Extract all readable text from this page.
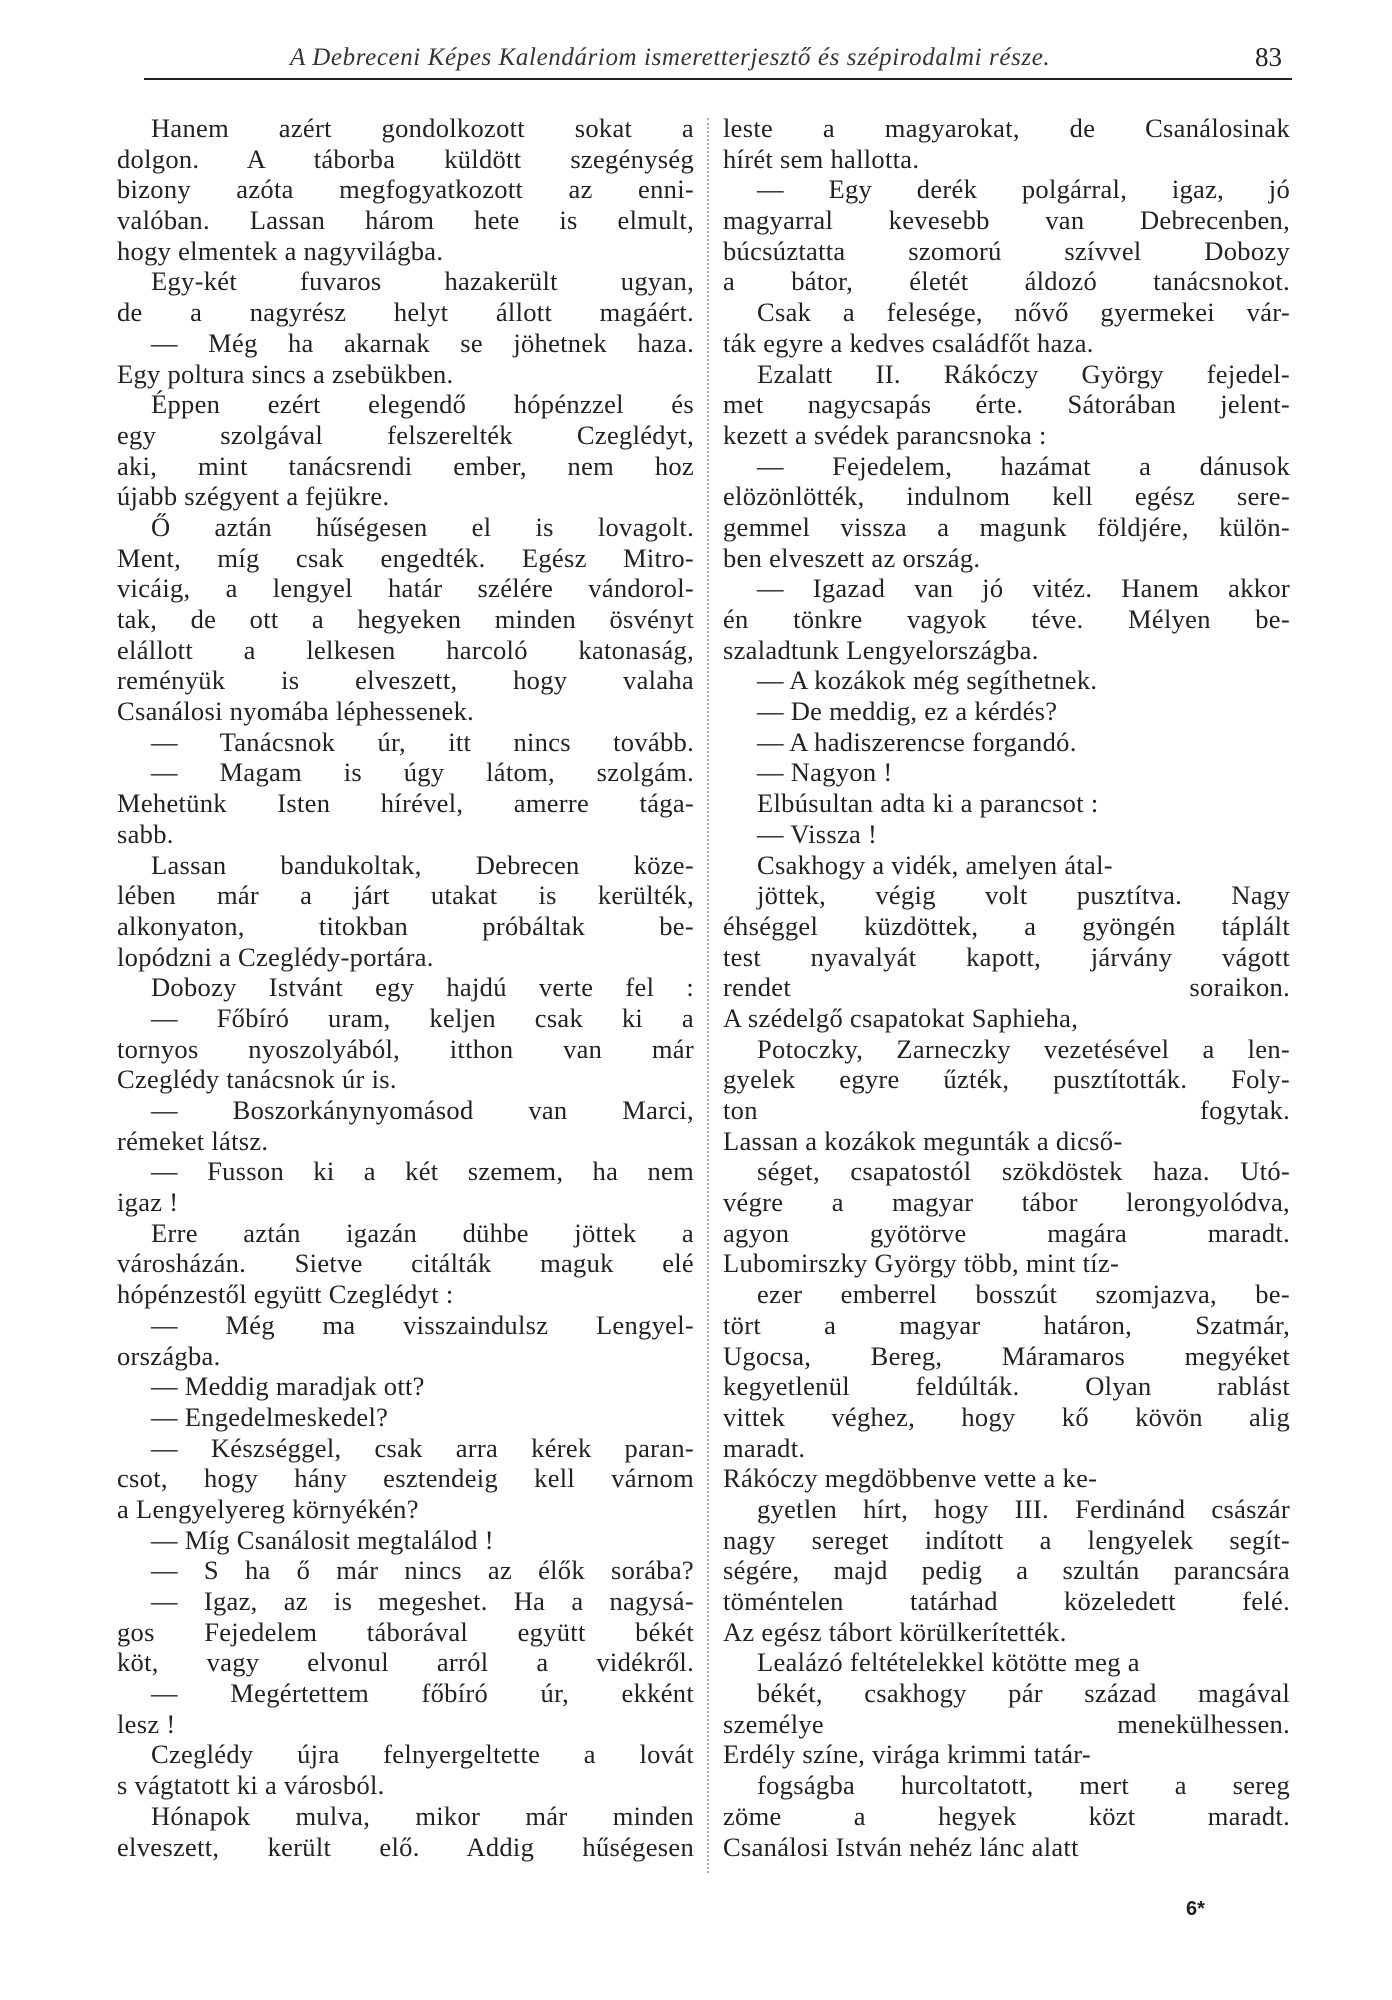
A Debreceni Képes Kalendáriom ismeretterjesztő és szépirodalmi része.	83
Hanem azért gondolkozott sokat a
dolgon. A táborba küldött szegénység
bizony azóta megfogyatkozott az enni-
valóban. Lassan három hete is elmult,
hogy elmentek a nagyvilágba.
Egy-két fuvaros hazakerült ugyan,
de a nagyrész helyt állott magáért.
— Még ha akarnak se jöhetnek haza.
Egy poltura sincs a zsebükben.
Éppen ezért elegendő hópénzzel és
egy szolgával felszerelték Czeglédyt,
aki, mint tanácsrendi ember, nem hoz
újabb szégyent a fejükre.
Ő aztán hűségesen el is lovagolt.
Ment, míg csak engedték. Egész Mitro-
vicáig, a lengyel határ szélére vándorol-
tak, de ott a hegyeken minden ösvényt
elállott a lelkesen harcoló katonaság,
reményük is elveszett, hogy valaha
Csanálosi nyomába léphessenek.
— Tanácsnok úr, itt nincs tovább.
— Magam is úgy látom, szolgám.
Mehetünk Isten hírével, amerre tága-
sabb.
Lassan bandukoltak, Debrecen köze-
lében már a járt utakat is kerülték,
alkonyaton, titokban próbáltak be-
lopódzni a Czeglédy-portára.
Dobozy Istvánt egy hajdú verte fel :
— Főbíró uram, keljen csak ki a
tornyos nyoszolyából, itthon van már
Czeglédy tanácsnok úr is.
— Boszorkánynyomásod van Marci,
rémeket látsz.
— Fusson ki a két szemem, ha nem
igaz !
Erre aztán igazán dühbe jöttek a
városházán. Sietve citálták maguk elé
hópénzestől együtt Czeglédyt :
— Még ma visszaindulsz Lengyel-
országba.
— Meddig maradjak ott?
— Engedelmeskedel?
— Készséggel, csak arra kérek paran-
csot, hogy hány esztendeig kell várnom
a Lengyelyereg környékén?
— Míg Csanálosit megtalálod !
— S ha ő már nincs az élők sorába?
— Igaz, az is megeshet. Ha a nagysá-
gos Fejedelem táborával együtt békét
köt, vagy elvonul arról a vidékről.
— Megértettem főbíró úr, ekként
lesz !
Czeglédy újra felnyergeltette a lovát
s vágtatott ki a városból.
Hónapok mulva, mikor már minden
elveszett, került elő. Addig hűségesen
leste a magyarokat, de Csanálosinak
hírét sem hallotta.
— Egy derék polgárral, igaz, jó
magyarral kevesebb van Debrecenben,
búcsúztatta szomorú szívvel Dobozy
a bátor, életét áldozó tanácsnokot.
Csak a felesége, nővő gyermekei vár-
ták egyre a kedves családfőt haza.
Ezalatt II. Rákóczy György fejedel-
met nagycsapás érte. Sátorában jelent-
kezett a svédek parancsnoka :
— Fejedelem, hazámat a dánusok
elözönlötték, indulnom kell egész sere-
gemmel vissza a magunk földjére, külön-
ben elveszett az ország.
— Igazad van jó vitéz. Hanem akkor
én tönkre vagyok téve. Mélyen be-
szaladtunk Lengyelországba.
— A kozákok még segíthetnek.
— De meddig, ez a kérdés?
— A hadiszerencse forgandó.
— Nagyon !
Elbúsultan adta ki a parancsot :
— Vissza !
Csakhogy a vidék, amelyen átal-
jöttek, végig volt pusztítva. Nagy
éhséggel küzdöttek, a gyöngén táplált
test nyavalyát kapott, járvány vágott
rendet soraikon.
A szédelgő csapatokat Saphieha,
Potoczky, Zarneczky vezetésével a len-
gyelek egyre űzték, pusztították. Foly-
ton fogytak.
Lassan a kozákok megunták a dicső-
séget, csapatostól szökdöstek haza. Utó-
végre a magyar tábor lerongyolódva,
agyon gyötörve magára maradt.
Lubomirszky György több, mint tíz-
ezer emberrel bosszút szomjazva, be-
tört a magyar határon, Szatmár,
Ugocsa, Bereg, Máramaros megyéket
kegyetlenül feldúlták. Olyan rablást
vittek véghez, hogy kő kövön alig
maradt.
Rákóczy megdöbbenve vette a ke-
gyetlen hírt, hogy III. Ferdinánd császár
nagy sereget indított a lengyelek segít-
ségére, majd pedig a szultán parancsára
töméntelen tatárhad közeledett felé.
Az egész tábort körülkerítették.
Lealázó feltételekkel kötötte meg a
békét, csakhogy pár század magával
személye menekülhessen.
Erdély színe, virága krimmi tatár-
fogságba hurcoltatott, mert a sereg
zöme a hegyek közt maradt.
Csanálosi István nehéz lánc alatt
6*
